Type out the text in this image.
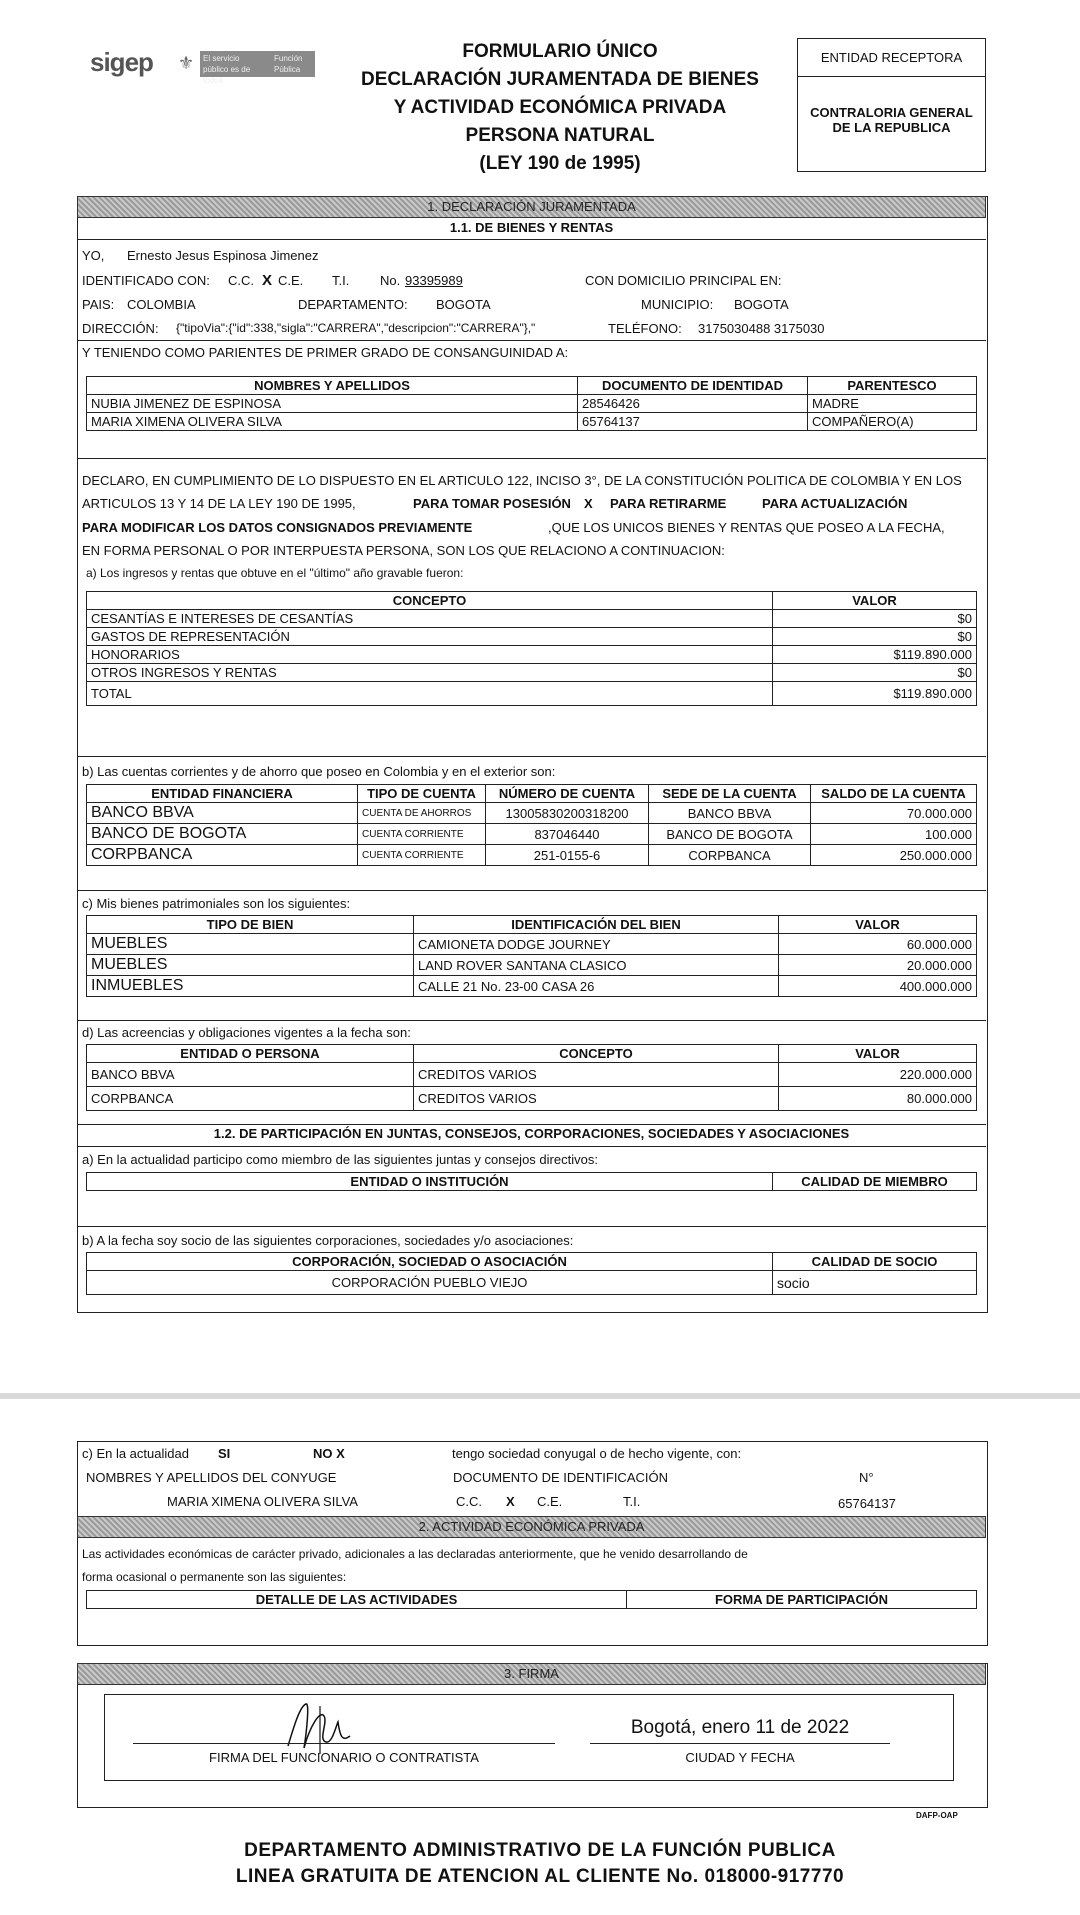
sigep ⚜	El servicio público es de todos
Función Pública
FORMULARIO ÚNICO
DECLARACIÓN JURAMENTADA DE BIENES
Y ACTIVIDAD ECONÓMICA PRIVADA
PERSONA NATURAL
(LEY 190 de 1995)
ENTIDAD RECEPTORA
CONTRALORIA GENERAL
DE LA REPUBLICA
1. DECLARACIÓN JURAMENTADA
1.1. DE BIENES Y RENTAS
YO, Ernesto Jesus Espinosa Jimenez
IDENTIFICADO CON: C.C. X C.E. T.I. No. 93395989	CON DOMICILIO PRINCIPAL EN:
PAIS: COLOMBIA	DEPARTAMENTO: BOGOTA	MUNICIPIO: BOGOTA
DIRECCIÓN: {"tipoVia":{"id":338,"sigla":"CARRERA","descripcion":"CARRERA"},"	TELÉFONO: 3175030488 3175030
Y TENIENDO COMO PARIENTES DE PRIMER GRADO DE CONSANGUINIDAD A:
NOMBRES Y APELLIDOS	DOCUMENTO DE IDENTIDAD	PARENTESCO
NUBIA JIMENEZ DE ESPINOSA	28546426	MADRE
MARIA XIMENA OLIVERA SILVA	65764137	COMPAÑERO(A)
DECLARO, EN CUMPLIMIENTO DE LO DISPUESTO EN EL ARTICULO 122, INCISO 3°, DE LA CONSTITUCIÓN POLITICA DE COLOMBIA Y EN LOS
ARTICULOS 13 Y 14 DE LA LEY 190 DE 1995,	PARA TOMAR POSESIÓN X PARA RETIRARME	PARA ACTUALIZACIÓN
PARA MODIFICAR LOS DATOS CONSIGNADOS PREVIAMENTE	,QUE LOS UNICOS BIENES Y RENTAS QUE POSEO A LA FECHA,
EN FORMA PERSONAL O POR INTERPUESTA PERSONA, SON LOS QUE RELACIONO A CONTINUACION:
a) Los ingresos y rentas que obtuve en el "último" año gravable fueron:
CONCEPTO	VALOR
CESANTÍAS E INTERESES DE CESANTÍAS	$0
GASTOS DE REPRESENTACIÓN	$0
HONORARIOS	$119.890.000
OTROS INGRESOS Y RENTAS	$0
TOTAL	$119.890.000
b) Las cuentas corrientes y de ahorro que poseo en Colombia y en el exterior son:
ENTIDAD FINANCIERA	TIPO DE CUENTA	NÚMERO DE CUENTA	SEDE DE LA CUENTA	SALDO DE LA CUENTA
BANCO BBVA	CUENTA DE AHORROS	13005830200318200	BANCO BBVA	70.000.000
BANCO DE BOGOTA	CUENTA CORRIENTE	837046440	BANCO DE BOGOTA	100.000
CORPBANCA	CUENTA CORRIENTE	251-0155-6	CORPBANCA	250.000.000
c) Mis bienes patrimoniales son los siguientes:
TIPO DE BIEN	IDENTIFICACIÓN DEL BIEN	VALOR
MUEBLES	CAMIONETA DODGE JOURNEY	60.000.000
MUEBLES	LAND ROVER SANTANA CLASICO	20.000.000
INMUEBLES	CALLE 21 No. 23-00 CASA 26	400.000.000
d) Las acreencias y obligaciones vigentes a la fecha son:
ENTIDAD O PERSONA	CONCEPTO	VALOR
BANCO BBVA	CREDITOS VARIOS	220.000.000
CORPBANCA	CREDITOS VARIOS	80.000.000
1.2. DE PARTICIPACIÓN EN JUNTAS, CONSEJOS, CORPORACIONES, SOCIEDADES Y ASOCIACIONES
a) En la actualidad participo como miembro de las siguientes juntas y consejos directivos:
ENTIDAD O INSTITUCIÓN	CALIDAD DE MIEMBRO
b) A la fecha soy socio de las siguientes corporaciones, sociedades y/o asociaciones:
CORPORACIÓN, SOCIEDAD O ASOCIACIÓN	CALIDAD DE SOCIO
CORPORACIÓN PUEBLO VIEJO	socio
c) En la actualidad SI	NO X	tengo sociedad conyugal o de hecho vigente, con:
NOMBRES Y APELLIDOS DEL CONYUGE	DOCUMENTO DE IDENTIFICACIÓN	N°
MARIA XIMENA OLIVERA SILVA	C.C. X C.E.	T.I.	65764137
2. ACTIVIDAD ECONÓMICA PRIVADA
Las actividades económicas de carácter privado, adicionales a las declaradas anteriormente, que he venido desarrollando de
forma ocasional o permanente son las siguientes:
DETALLE DE LAS ACTIVIDADES	FORMA DE PARTICIPACIÓN
3. FIRMA
FIRMA DEL FUNCIONARIO O CONTRATISTA
Bogotá, enero 11 de 2022
CIUDAD Y FECHA
DAFP-OAP
DEPARTAMENTO ADMINISTRATIVO DE LA FUNCIÓN PUBLICA
LINEA GRATUITA DE ATENCION AL CLIENTE No. 018000-917770
